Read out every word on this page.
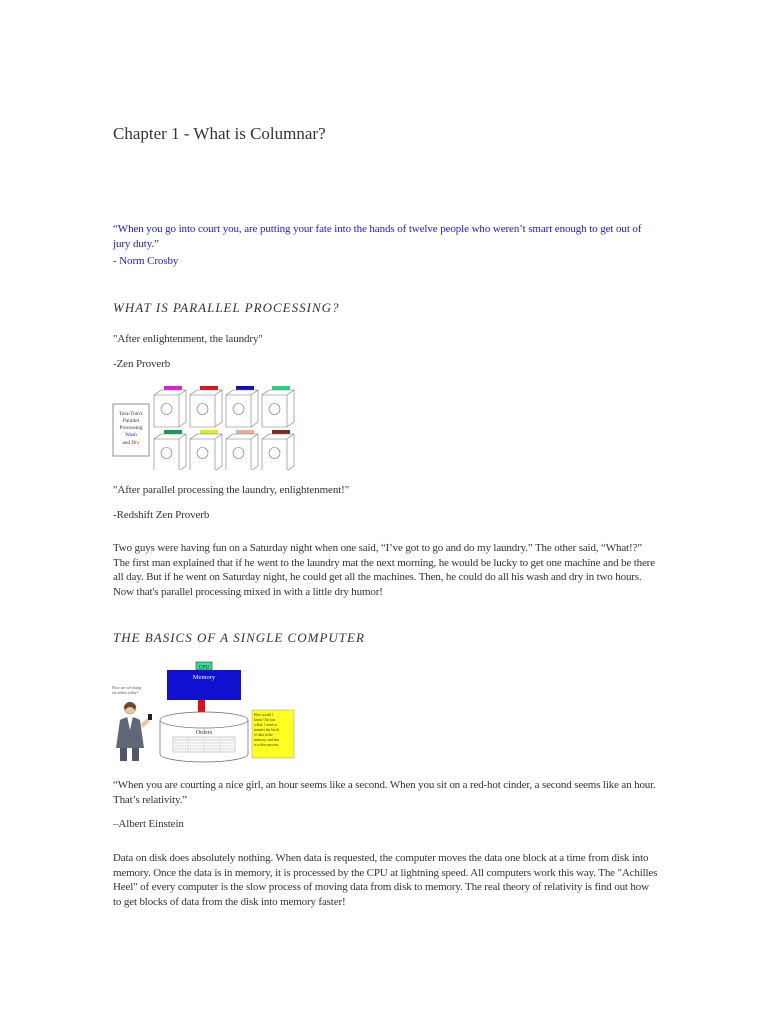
Chapter 1 - What is Columnar?
“When you go into court you, are putting your fate into the hands of twelve people who weren’t smart enough to get out of jury duty.”
- Norm Crosby
WHAT IS PARALLEL PROCESSING?
"After enlightenment, the laundry"
-Zen Proverb
Tera-Tom's
Parallel
Processing
Wash
and Dry
"After parallel processing the laundry, enlightenment!"
-Redshift Zen Proverb
Two guys were having fun on a Saturday night when one said, “I’ve got to go and do my laundry.” The other said, “What!?” The first man explained that if he went to the laundry mat the next morning, he would be lucky to get one machine and be there all day. But if he went on Saturday night, he could get all the machines. Then, he could do all his wash and dry in two hours. Now that's parallel processing mixed in with a little dry humor!
THE BASICS OF A SINGLE COMPUTER
CPU
Memory
How are we doing
on orders today?
Orders
How would I
know? I'm just
a disk. I need to
transfer the block
of data to the
memory, and that
is a slow process.
“When you are courting a nice girl, an hour seems like a second. When you sit on a red-hot cinder, a second seems like an hour. That’s relativity.”
–Albert Einstein
Data on disk does absolutely nothing. When data is requested, the computer moves the data one block at a time from disk into memory. Once the data is in memory, it is processed by the CPU at lightning speed. All computers work this way. The "Achilles Heel" of every computer is the slow process of moving data from disk to memory. The real theory of relativity is find out how to get blocks of data from the disk into memory faster!
